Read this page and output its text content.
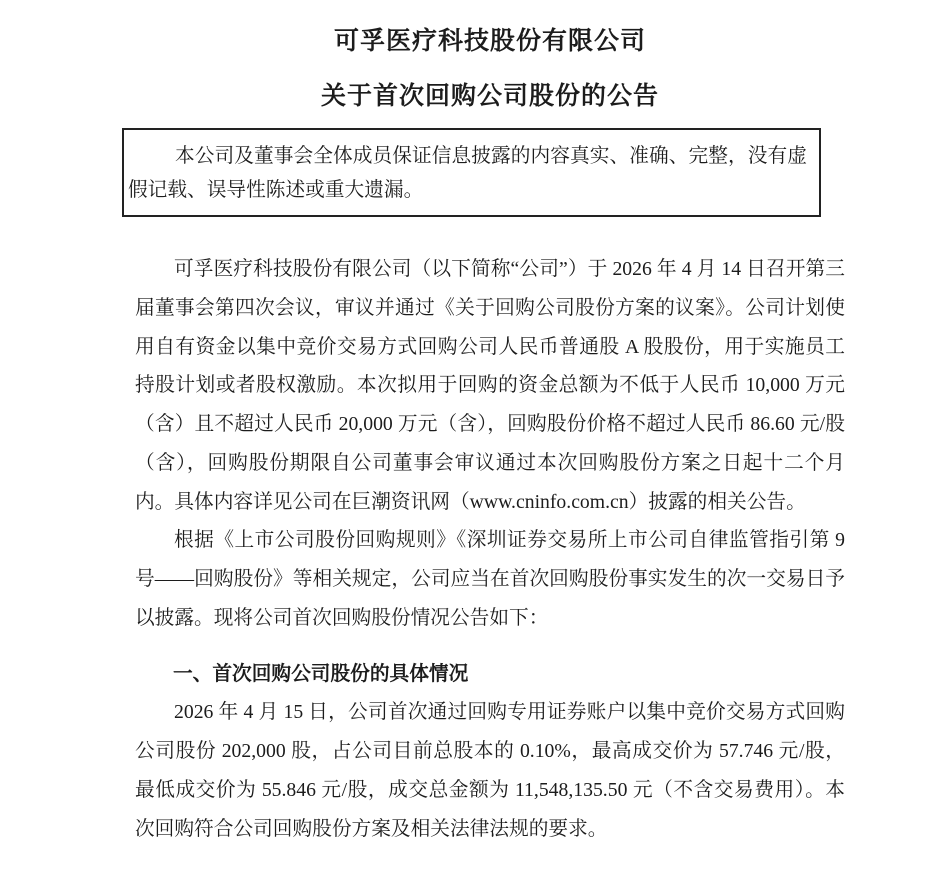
可孚医疗科技股份有限公司
关于首次回购公司股份的公告

本公司及董事会全体成员保证信息披露的内容真实、准确、完整，没有虚假记载、误导性陈述或重大遗漏。

可孚医疗科技股份有限公司（以下简称“公司”）于 2026 年 4 月 14 日召开第三届董事会第四次会议，审议并通过《关于回购公司股份方案的议案》。公司计划使用自有资金以集中竞价交易方式回购公司人民币普通股 A 股股份，用于实施员工持股计划或者股权激励。本次拟用于回购的资金总额为不低于人民币 10,000 万元（含）且不超过人民币 20,000 万元（含），回购股份价格不超过人民币 86.60 元/股（含），回购股份期限自公司董事会审议通过本次回购股份方案之日起十二个月内。具体内容详见公司在巨潮资讯网（www.cninfo.com.cn）披露的相关公告。

根据《上市公司股份回购规则》《深圳证券交易所上市公司自律监管指引第 9 号——回购股份》等相关规定，公司应当在首次回购股份事实发生的次一交易日予以披露。现将公司首次回购股份情况公告如下：

一、首次回购公司股份的具体情况

2026 年 4 月 15 日，公司首次通过回购专用证券账户以集中竞价交易方式回购公司股份 202,000 股，占公司目前总股本的 0.10%，最高成交价为 57.746 元/股，最低成交价为 55.846 元/股，成交总金额为 11,548,135.50 元（不含交易费用）。本次回购符合公司回购股份方案及相关法律法规的要求。
